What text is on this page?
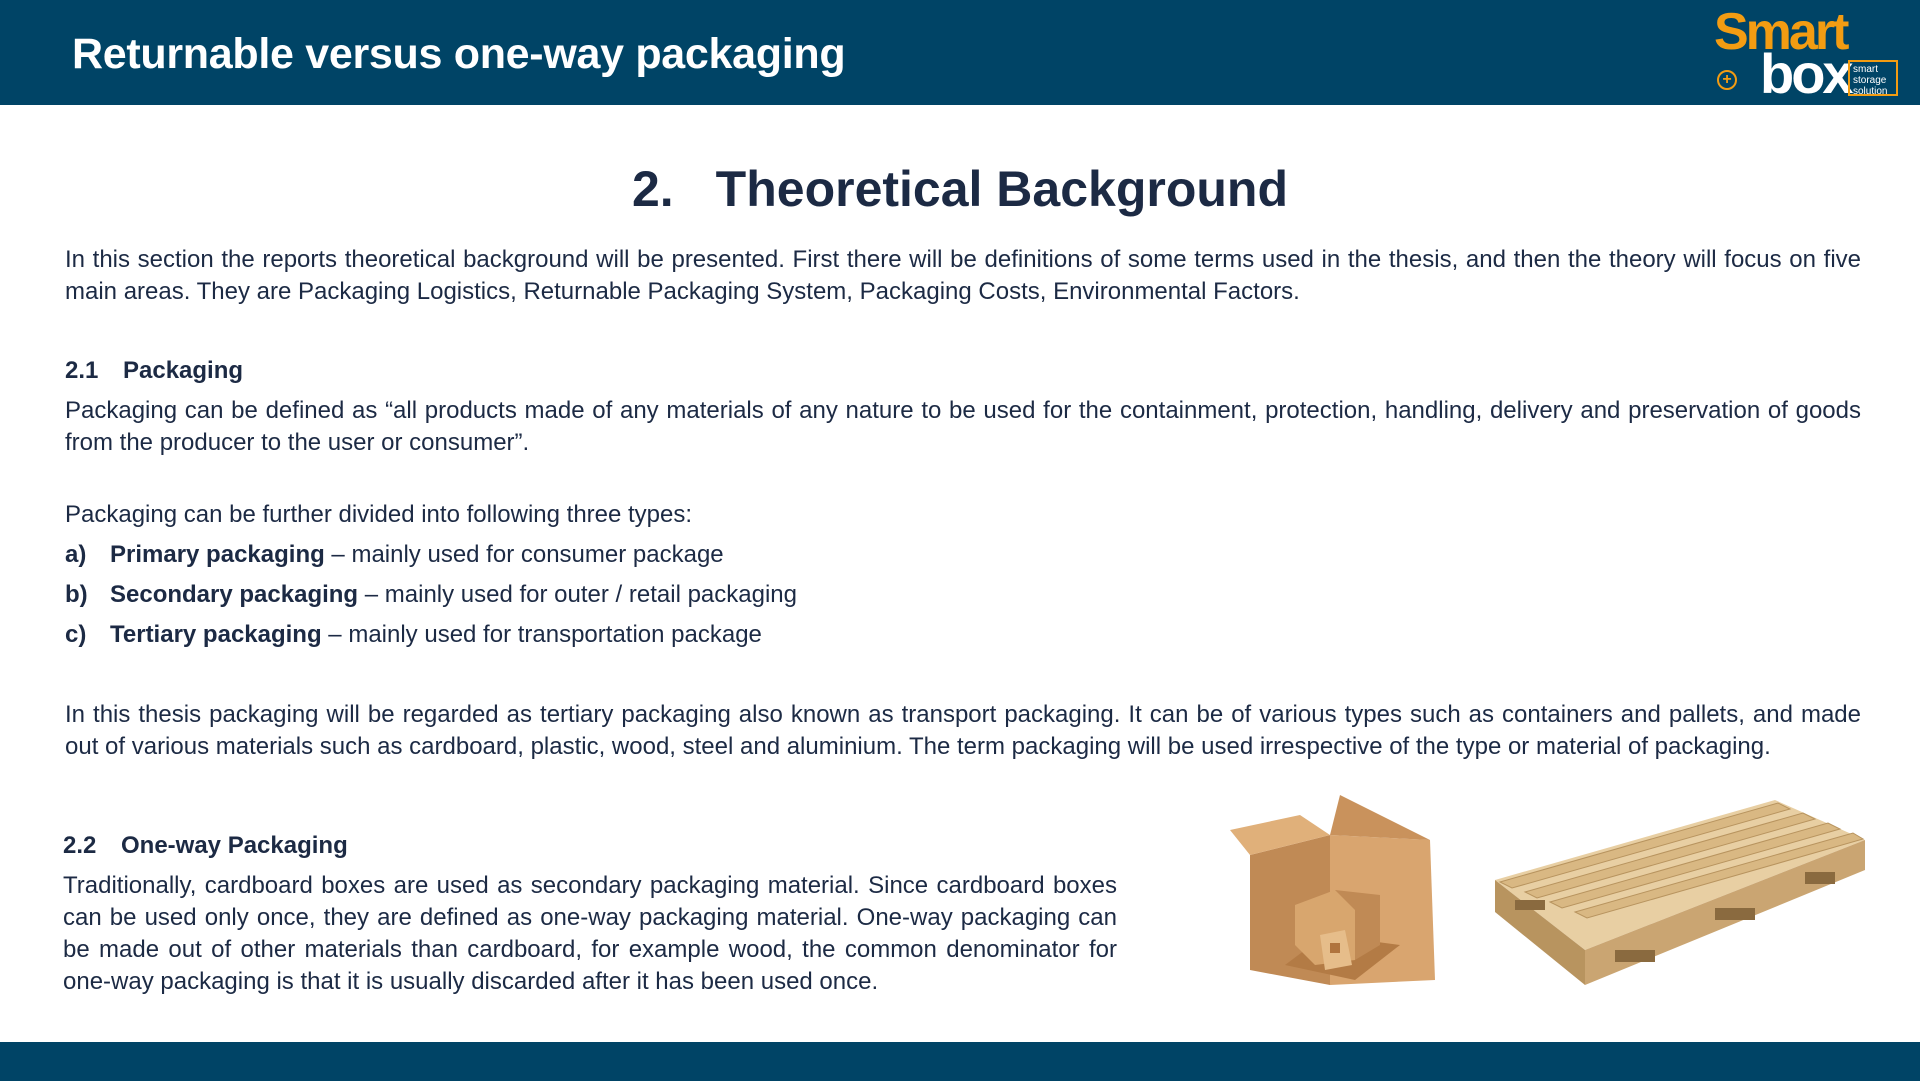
Returnable versus one-way packaging	Smart
+ box smart
storage
solution
2. Theoretical Background

In this section the reports theoretical background will be presented. First there will be definitions of some terms used in the thesis, and then the theory will focus on five main areas. They are Packaging Logistics, Returnable Packaging System, Packaging Costs, Environmental Factors.

2.1 Packaging

Packaging can be defined as “all products made of any materials of any nature to be used for the containment, protection, handling, delivery and preservation of goods from the producer to the user or consumer”.

Packaging can be further divided into following three types:

a) Primary packaging – mainly used for consumer package

b) Secondary packaging – mainly used for outer / retail packaging

c) Tertiary packaging – mainly used for transportation package

In this thesis packaging will be regarded as tertiary packaging also known as transport packaging. It can be of various types such as containers and pallets, and made out of various materials such as cardboard, plastic, wood, steel and aluminium. The term packaging will be used irrespective of the type or material of packaging.

2.2 One-way Packaging

Traditionally, cardboard boxes are used as secondary packaging material. Since cardboard boxes can be used only once, they are defined as one-way packaging material. One-way packaging can be made out of other materials than cardboard, for example wood, the common denominator for one-way packaging is that it is usually discarded after it has been used once.
